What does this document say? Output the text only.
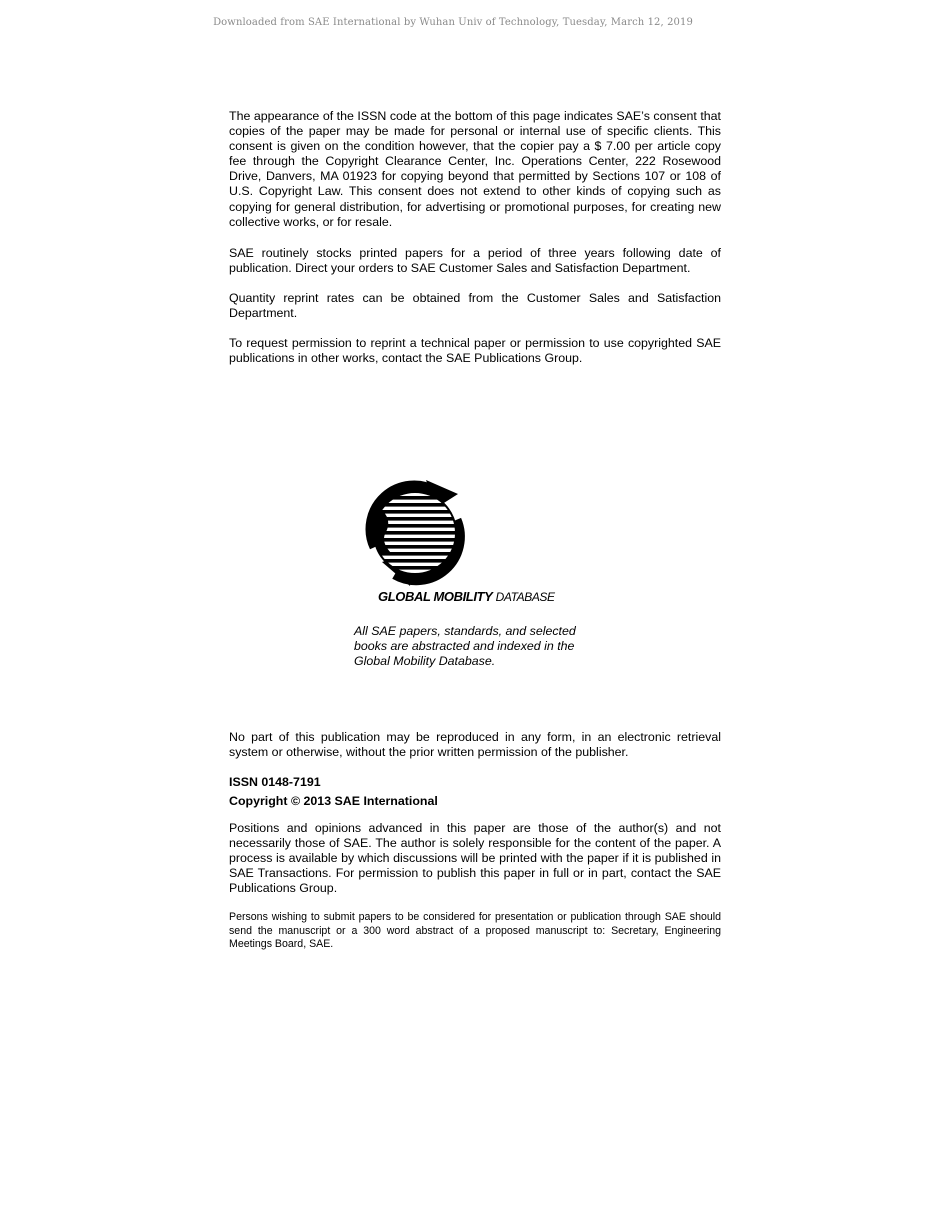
Downloaded from SAE International by Wuhan Univ of Technology, Tuesday, March 12, 2019

The appearance of the ISSN code at the bottom of this page indicates SAE’s consent that copies of the paper may be made for personal or internal use of specific clients. This consent is given on the condition however, that the copier pay a $ 7.00 per article copy fee through the Copyright Clearance Center, Inc. Operations Center, 222 Rosewood Drive, Danvers, MA 01923 for copying beyond that permitted by Sections 107 or 108 of U.S. Copyright Law. This consent does not extend to other kinds of copying such as copying for general distribution, for advertising or promotional purposes, for creating new collective works, or for resale.

SAE routinely stocks printed papers for a period of three years following date of publication. Direct your orders to SAE Customer Sales and Satisfaction Department.

Quantity reprint rates can be obtained from the Customer Sales and Satisfaction Department.

To request permission to reprint a technical paper or permission to use copyrighted SAE publications in other works, contact the SAE Publications Group.

GLOBAL MOBILITY DATABASE

All SAE papers, standards, and selected books are abstracted and indexed in the Global Mobility Database.

No part of this publication may be reproduced in any form, in an electronic retrieval system or otherwise, without the prior written permission of the publisher.

ISSN 0148-7191

Copyright © 2013 SAE International

Positions and opinions advanced in this paper are those of the author(s) and not necessarily those of SAE. The author is solely responsible for the content of the paper. A process is available by which discussions will be printed with the paper if it is published in SAE Transactions. For permission to publish this paper in full or in part, contact the SAE Publications Group.

Persons wishing to submit papers to be considered for presentation or publication through SAE should send the manuscript or a 300 word abstract of a proposed manuscript to: Secretary, Engineering Meetings Board, SAE.
